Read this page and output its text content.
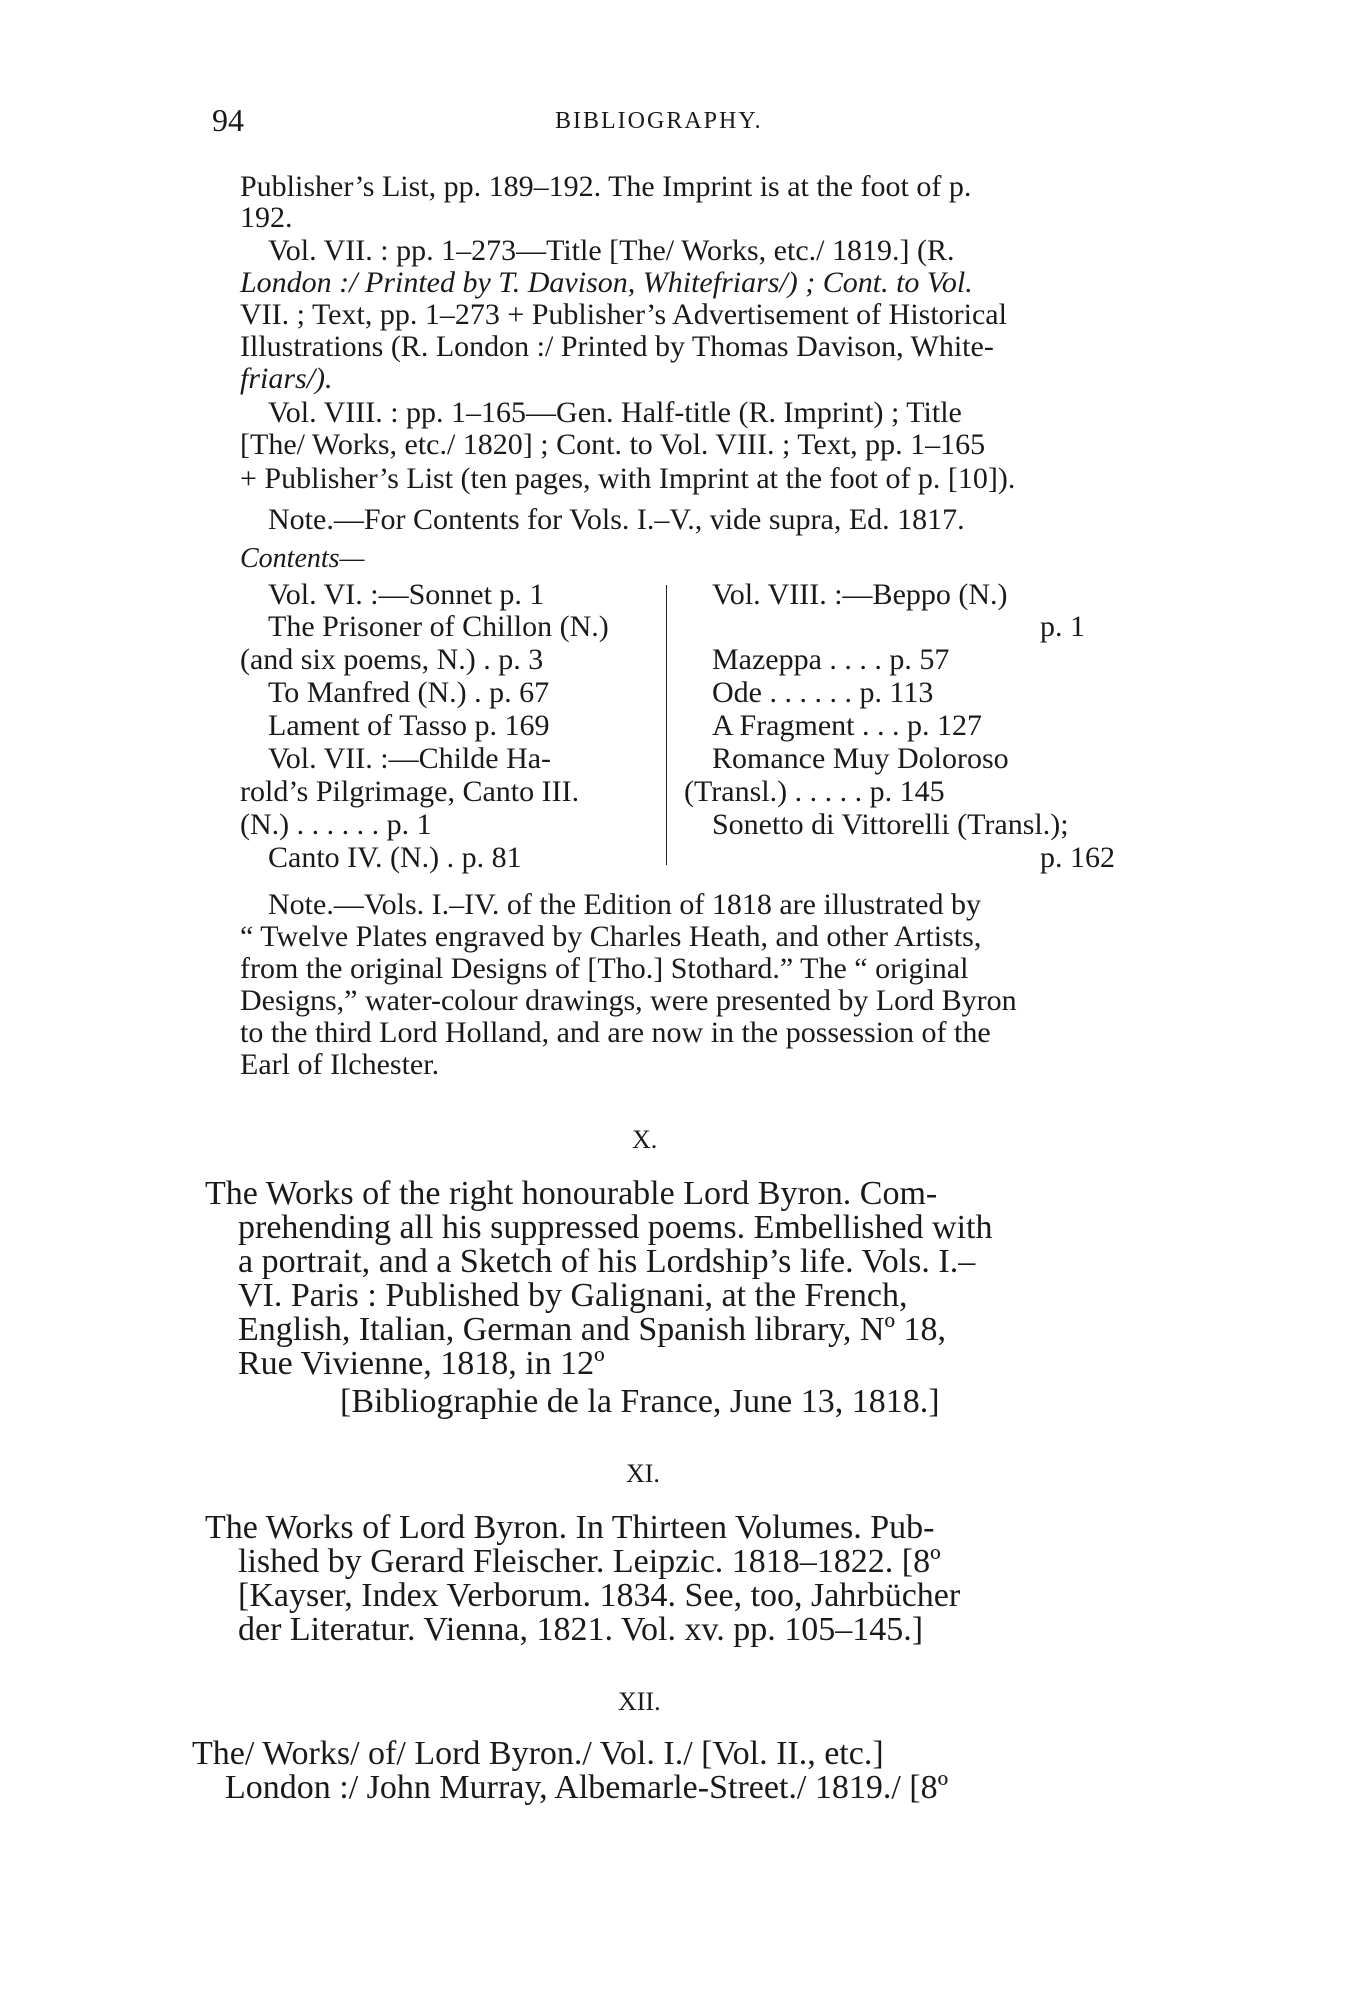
94	BIBLIOGRAPHY.
Publisher’s List, pp. 189–192. The Imprint is at the foot of p.
192.
Vol. VII. : pp. 1–273—Title [The/ Works, etc./ 1819.] (R.
London :/ Printed by T. Davison, Whitefriars/) ; Cont. to Vol.
VII. ; Text, pp. 1–273 + Publisher’s Advertisement of Historical
Illustrations (R. London :/ Printed by Thomas Davison, White-
friars/).
Vol. VIII. : pp. 1–165—Gen. Half-title (R. Imprint) ; Title
[The/ Works, etc./ 1820] ; Cont. to Vol. VIII. ; Text, pp. 1–165
+ Publisher’s List (ten pages, with Imprint at the foot of p. [10]).
Note.—For Contents for Vols. I.–V., vide supra, Ed. 1817.
Contents—
Vol. VI. :—Sonnet p. 1
The Prisoner of Chillon (N.)
(and six poems, N.) . p. 3
To Manfred (N.) . p. 67
Lament of Tasso p. 169
Vol. VII. :—Childe Ha-
rold’s Pilgrimage, Canto III.
(N.) . . . . . . p. 1
Canto IV. (N.) . p. 81
Vol. VIII. :—Beppo (N.)
p. 1
Mazeppa . . . . p. 57
Ode . . . . . . p. 113
A Fragment . . . p. 127
Romance Muy Doloroso
(Transl.) . . . . . p. 145
Sonetto di Vittorelli (Transl.);
p. 162
Note.—Vols. I.–IV. of the Edition of 1818 are illustrated by
“ Twelve Plates engraved by Charles Heath, and other Artists,
from the original Designs of [Tho.] Stothard.” The “ original
Designs,” water-colour drawings, were presented by Lord Byron
to the third Lord Holland, and are now in the possession of the
Earl of Ilchester.
X.
The Works of the right honourable Lord Byron. Com-
prehending all his suppressed poems. Embellished with
a portrait, and a Sketch of his Lordship’s life. Vols. I.–
VI. Paris : Published by Galignani, at the French,
English, Italian, German and Spanish library, Nº 18,
Rue Vivienne, 1818, in 12º
[Bibliographie de la France, June 13, 1818.]
XI.
The Works of Lord Byron. In Thirteen Volumes. Pub-
lished by Gerard Fleischer. Leipzic. 1818–1822. [8º
[Kayser, Index Verborum. 1834. See, too, Jahrbücher
der Literatur. Vienna, 1821. Vol. xv. pp. 105–145.]
XII.
The/ Works/ of/ Lord Byron./ Vol. I./ [Vol. II., etc.]
London :/ John Murray, Albemarle-Street./ 1819./ [8º
